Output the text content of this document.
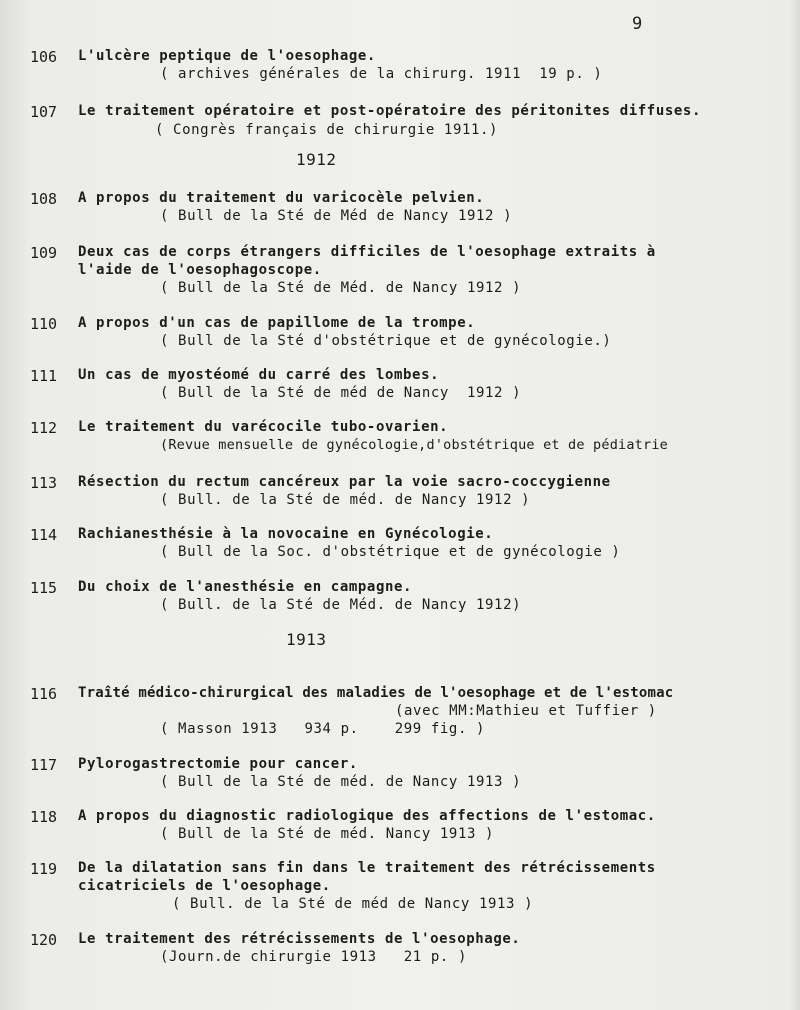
9
1912
1913
106 L'ulcère peptique de l'oesophage.
( archives générales de la chirurg. 1911  19 p. )
107 Le traitement opératoire et post-opératoire des péritonites diffuses.
( Congrès français de chirurgie 1911.)
108 A propos du traitement du varicocèle pelvien.
( Bull de la Sté de Méd de Nancy 1912 )
109 Deux cas de corps étrangers difficiles de l'oesophage extraits à
l'aide de l'oesophagoscope.
( Bull de la Sté de Méd. de Nancy 1912 )
110 A propos d'un cas de papillome de la trompe.
( Bull de la Sté d'obstétrique et de gynécologie.)
111 Un cas de myostéomé du carré des lombes.
( Bull de la Sté de méd de Nancy  1912 )
112 Le traitement du varécocile tubo-ovarien.
(Revue mensuelle de gynécologie,d'obstétrique et de pédiatrie
113 Résection du rectum cancéreux par la voie sacro-coccygienne
( Bull. de la Sté de méd. de Nancy 1912 )
114 Rachianesthésie à la novocaine en Gynécologie.
( Bull de la Soc. d'obstétrique et de gynécologie )
115 Du choix de l'anesthésie en campagne.
( Bull. de la Sté de Méd. de Nancy 1912)
116 Traîté médico-chirurgical des maladies de l'oesophage et de l'estomac
(avec MM:Mathieu et Tuffier )
( Masson 1913   934 p.    299 fig. )
117 Pylorogastrectomie pour cancer.
( Bull de la Sté de méd. de Nancy 1913 )
118 A propos du diagnostic radiologique des affections de l'estomac.
( Bull de la Sté de méd. Nancy 1913 )
119 De la dilatation sans fin dans le traitement des rétrécissements
cicatriciels de l'oesophage.
( Bull. de la Sté de méd de Nancy 1913 )
120 Le traitement des rétrécissements de l'oesophage.
(Journ.de chirurgie 1913   21 p. )
